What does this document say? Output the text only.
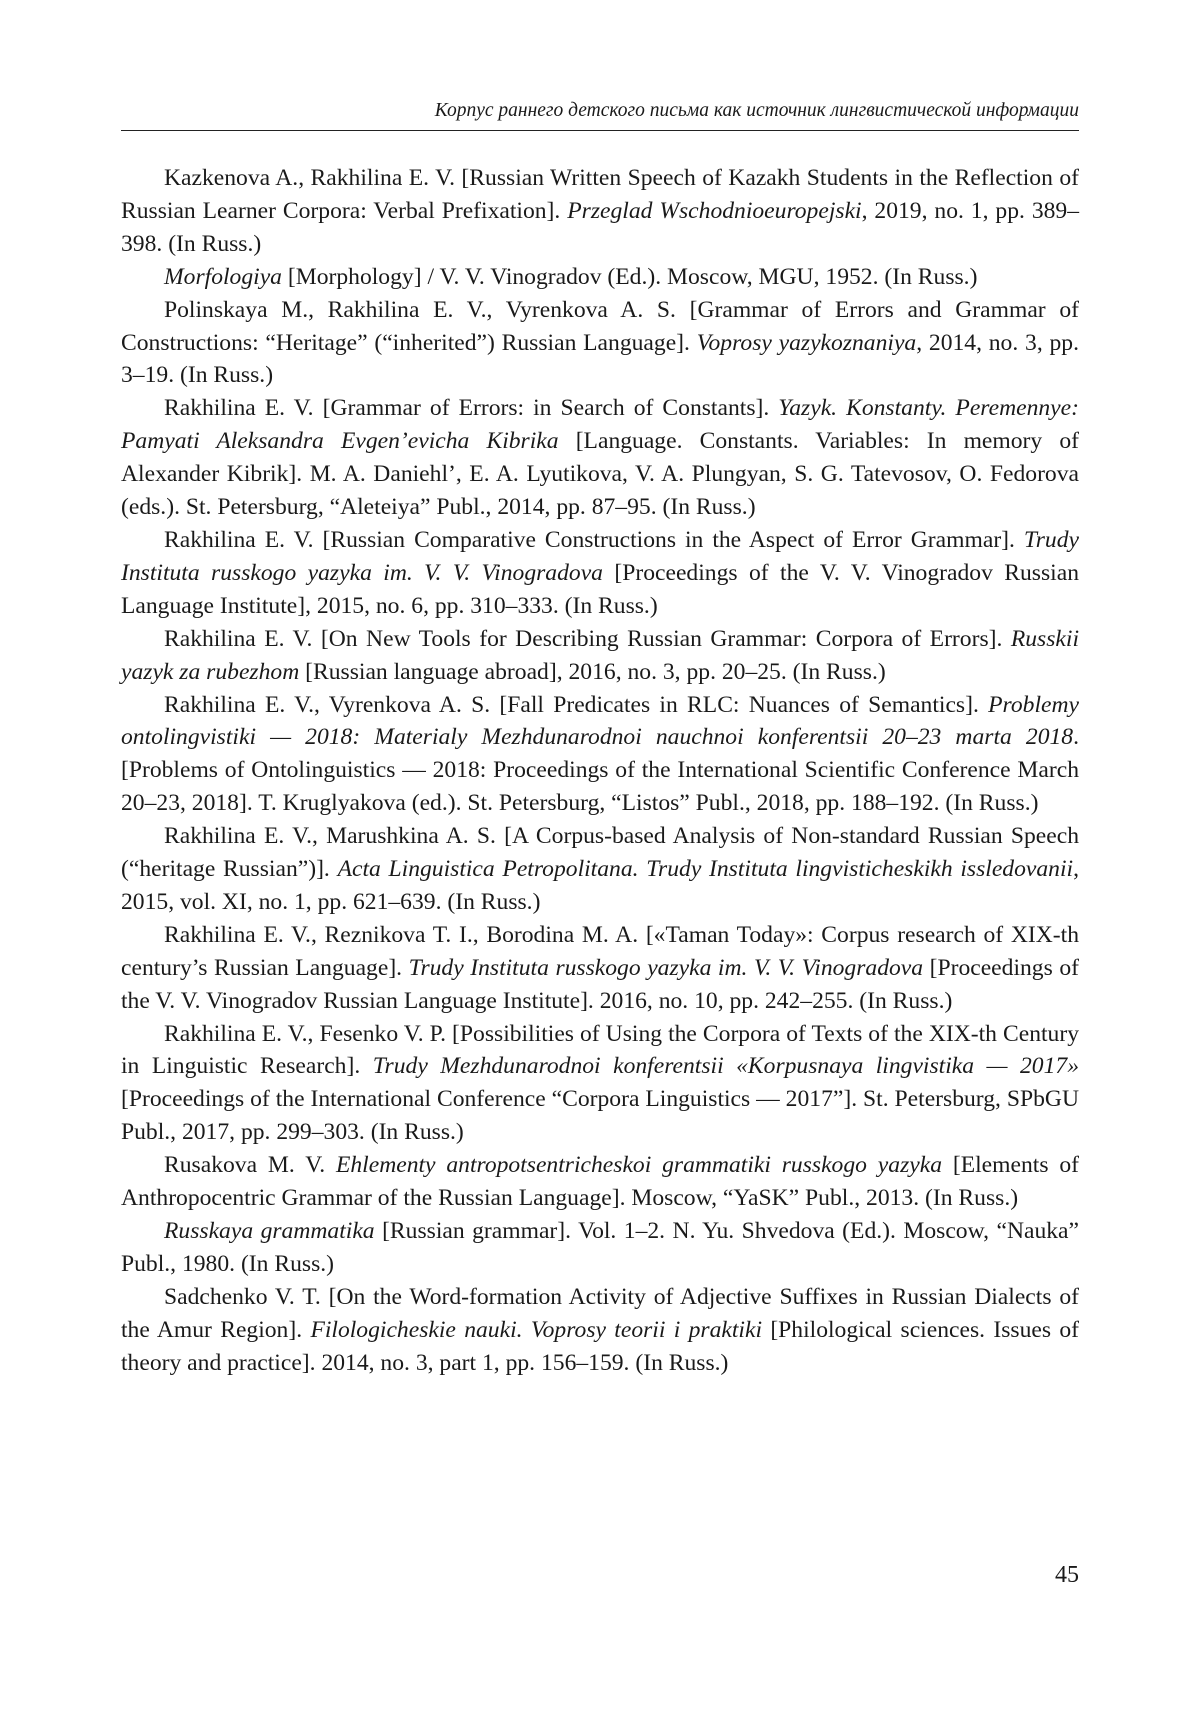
Корпус раннего детского письма как источник лингвистической информации

Kazkenova A., Rakhilina E. V. [Russian Written Speech of Kazakh Students in the Reflection of Russian Learner Corpora: Verbal Prefixation]. Przeglad Wschodnioeuropejski, 2019, no. 1, pp. 389–398. (In Russ.)

Morfologiya [Morphology] / V. V. Vinogradov (Ed.). Moscow, MGU, 1952. (In Russ.)

Polinskaya M., Rakhilina E. V., Vyrenkova A. S. [Grammar of Errors and Grammar of Constructions: “Heritage” (“inherited”) Russian Language]. Voprosy yazykoznaniya, 2014, no. 3, pp. 3–19. (In Russ.)

Rakhilina E. V. [Grammar of Errors: in Search of Constants]. Yazyk. Konstanty. Peremennye: Pamyati Aleksandra Evgen’evicha Kibrika [Language. Constants. Variables: In memory of Alexander Kibrik]. M. A. Daniehl’, E. A. Lyutikova, V. A. Plungyan, S. G. Tatevosov, O. Fedorova (eds.). St. Petersburg, “Aleteiya” Publ., 2014, pp. 87–95. (In Russ.)

Rakhilina E. V. [Russian Comparative Constructions in the Aspect of Error Grammar]. Trudy Instituta russkogo yazyka im. V. V. Vinogradova [Proceedings of the V. V. Vinogradov Russian Language Institute], 2015, no. 6, pp. 310–333. (In Russ.)

Rakhilina E. V. [On New Tools for Describing Russian Grammar: Corpora of Errors]. Russkii yazyk za rubezhom [Russian language abroad], 2016, no. 3, pp. 20–25. (In Russ.)

Rakhilina E. V., Vyrenkova A. S. [Fall Predicates in RLC: Nuances of Semantics]. Problemy ontolingvistiki — 2018: Materialy Mezhdunarodnoi nauchnoi konferentsii 20–23 marta 2018. [Problems of Ontolinguistics — 2018: Proceedings of the International Scientific Conference March 20–23, 2018]. T. Kruglyakova (ed.). St. Petersburg, “Listos” Publ., 2018, pp. 188–192. (In Russ.)

Rakhilina E. V., Marushkina A. S. [A Corpus-based Analysis of Non-standard Russian Speech (“heritage Russian”)]. Acta Linguistica Petropolitana. Trudy Instituta lingvisticheskikh issledovanii, 2015, vol. XI, no. 1, pp. 621–639. (In Russ.)

Rakhilina E. V., Reznikova T. I., Borodina M. A. [«Taman Today»: Corpus research of XIX-th century’s Russian Language]. Trudy Instituta russkogo yazyka im. V. V. Vinogradova [Proceedings of the V. V. Vinogradov Russian Language Institute]. 2016, no. 10, pp. 242–255. (In Russ.)

Rakhilina E. V., Fesenko V. P. [Possibilities of Using the Corpora of Texts of the XIX-th Century in Linguistic Research]. Trudy Mezhdunarodnoi konferentsii «Korpusnaya lingvistika — 2017» [Proceedings of the International Conference “Corpora Linguistics — 2017”]. St. Petersburg, SPbGU Publ., 2017, pp. 299–303. (In Russ.)

Rusakova M. V. Ehlementy antropotsentricheskoi grammatiki russkogo yazyka [Elements of Anthropocentric Grammar of the Russian Language]. Moscow, “YaSK” Publ., 2013. (In Russ.)

Russkaya grammatika [Russian grammar]. Vol. 1–2. N. Yu. Shvedova (Ed.). Moscow, “Nauka” Publ., 1980. (In Russ.)

Sadchenko V. T. [On the Word-formation Activity of Adjective Suffixes in Russian Dialects of the Amur Region]. Filologicheskie nauki. Voprosy teorii i praktiki [Philological sciences. Issues of theory and practice]. 2014, no. 3, part 1, pp. 156–159. (In Russ.)

45
